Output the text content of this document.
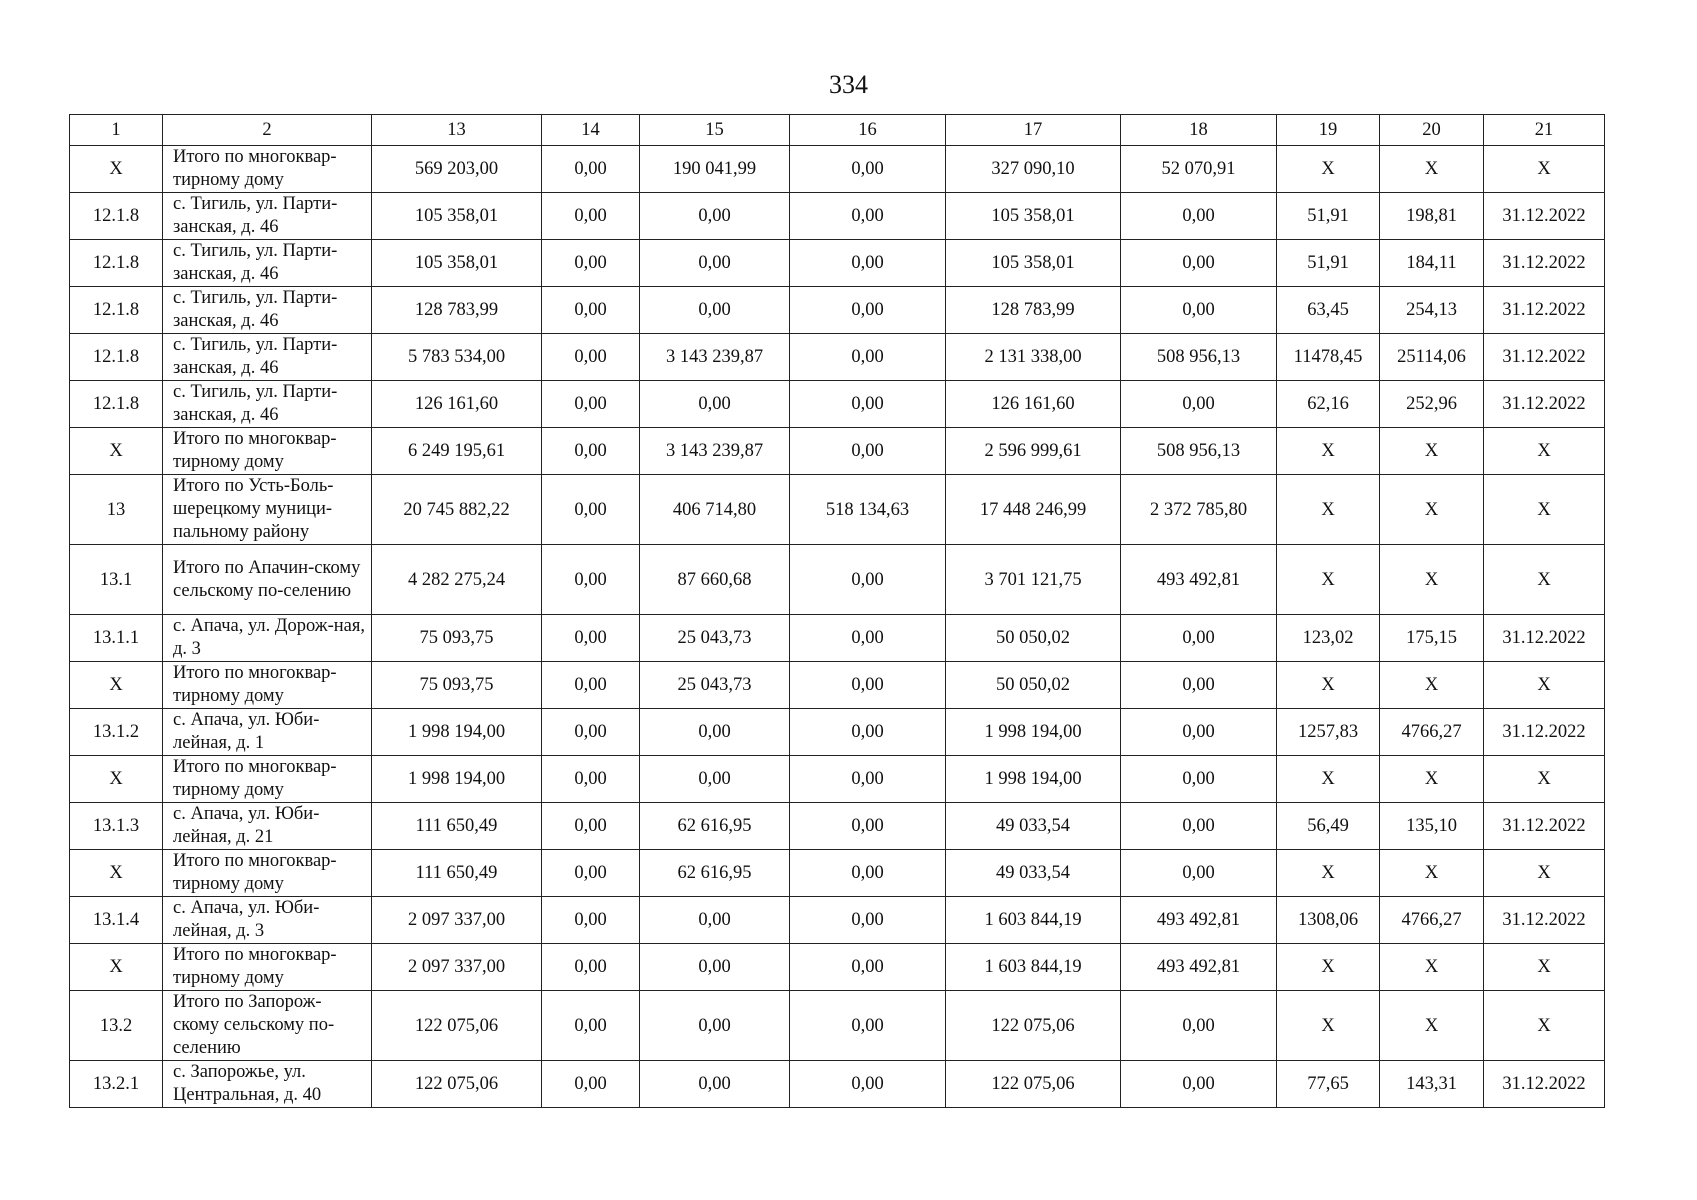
334
1	2	13	14	15	16	17	18	19	20	21
X	Итого по многоквар-тирному дому	569 203,00	0,00	190 041,99	0,00	327 090,10	52 070,91	X	X	X
12.1.8	с. Тигиль, ул. Парти-занская, д. 46	105 358,01	0,00	0,00	0,00	105 358,01	0,00	51,91	198,81	31.12.2022
12.1.8	с. Тигиль, ул. Парти-занская, д. 46	105 358,01	0,00	0,00	0,00	105 358,01	0,00	51,91	184,11	31.12.2022
12.1.8	с. Тигиль, ул. Парти-занская, д. 46	128 783,99	0,00	0,00	0,00	128 783,99	0,00	63,45	254,13	31.12.2022
12.1.8	с. Тигиль, ул. Парти-занская, д. 46	5 783 534,00	0,00	3 143 239,87	0,00	2 131 338,00	508 956,13	11478,45	25114,06	31.12.2022
12.1.8	с. Тигиль, ул. Парти-занская, д. 46	126 161,60	0,00	0,00	0,00	126 161,60	0,00	62,16	252,96	31.12.2022
X	Итого по многоквар-тирному дому	6 249 195,61	0,00	3 143 239,87	0,00	2 596 999,61	508 956,13	X	X	X
13	Итого по Усть-Боль-шерецкому муници-пальному району	20 745 882,22	0,00	406 714,80	518 134,63	17 448 246,99	2 372 785,80	X	X	X
13.1	Итого по Апачин-скому сельскому по-селению	4 282 275,24	0,00	87 660,68	0,00	3 701 121,75	493 492,81	X	X	X
13.1.1	с. Апача, ул. Дорож-ная, д. 3	75 093,75	0,00	25 043,73	0,00	50 050,02	0,00	123,02	175,15	31.12.2022
X	Итого по многоквар-тирному дому	75 093,75	0,00	25 043,73	0,00	50 050,02	0,00	X	X	X
13.1.2	с. Апача, ул. Юби-лейная, д. 1	1 998 194,00	0,00	0,00	0,00	1 998 194,00	0,00	1257,83	4766,27	31.12.2022
X	Итого по многоквар-тирному дому	1 998 194,00	0,00	0,00	0,00	1 998 194,00	0,00	X	X	X
13.1.3	с. Апача, ул. Юби-лейная, д. 21	111 650,49	0,00	62 616,95	0,00	49 033,54	0,00	56,49	135,10	31.12.2022
X	Итого по многоквар-тирному дому	111 650,49	0,00	62 616,95	0,00	49 033,54	0,00	X	X	X
13.1.4	с. Апача, ул. Юби-лейная, д. 3	2 097 337,00	0,00	0,00	0,00	1 603 844,19	493 492,81	1308,06	4766,27	31.12.2022
X	Итого по многоквар-тирному дому	2 097 337,00	0,00	0,00	0,00	1 603 844,19	493 492,81	X	X	X
13.2	Итого по Запорож-скому сельскому по-селению	122 075,06	0,00	0,00	0,00	122 075,06	0,00	X	X	X
13.2.1	с. Запорожье, ул. Центральная, д. 40	122 075,06	0,00	0,00	0,00	122 075,06	0,00	77,65	143,31	31.12.2022
